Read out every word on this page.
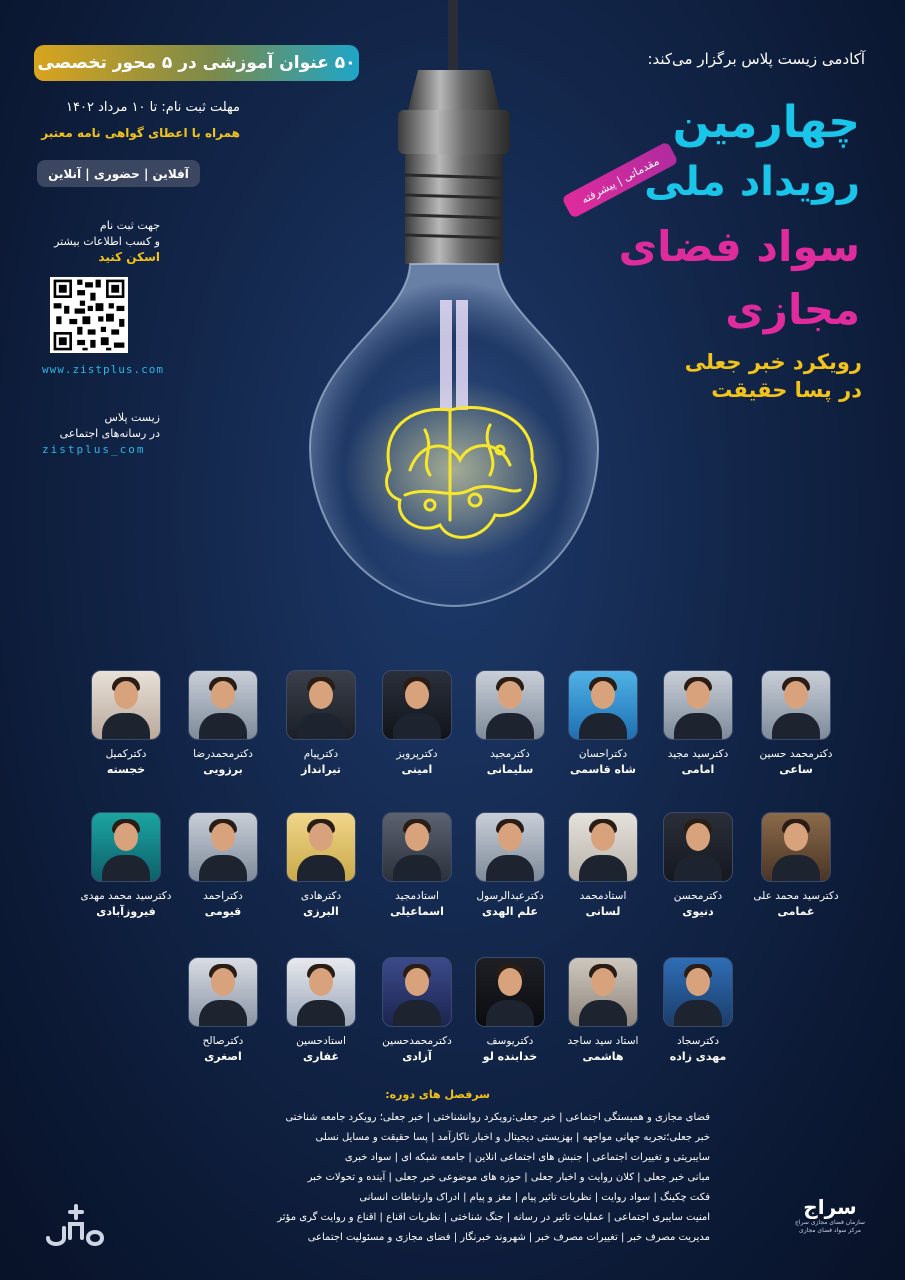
۵۰ عنوان آموزشی در ۵ محور تخصصی
مهلت ثبت نام: تا ۱۰ مرداد ۱۴۰۲
همراه با اعطای گواهی نامه معتبر
آفلاین | حضوری | آنلاین
جهت ثبت نام
و کسب اطلاعات بیشتر
اسکن کنید
www.zistplus.com
زیست پلاس
در رسانه‌های اجتماعی
zistplus_com
آکادمی زیست پلاس برگزار می‌کند:
چهارمین
رویداد ملی
مقدماتی | پیشرفته
سواد فضای
مجازی
رویکرد خبر جعلی
در پسا حقیقت
دکترمحمد حسین
ساعی
دکترسید مجید
امامی
دکتراحسان
شاه قاسمی
دکترمجید
سلیمانی
دکترپرویز
امینی
دکترپیام
تیرانداز
دکترمحمدرضا
برزویی
دکترکمیل
خجسته
دکترسید محمد علی
غمامی
دکترمحسن
دنیوی
استادمحمد
لسانی
دکترعبدالرسول
علم الهدی
استادمجید
اسماعیلی
دکترهادی
البرزی
دکتراحمد
قیومی
دکترسید محمد مهدی
فیروزآبادی
دکترسجاد
مهدی زاده
استاد سید ساجد
هاشمی
دکتریوسف
خدابنده لو
دکترمحمدحسین
آزادی
استادحسین
غفاری
دکترصالح
اصغری
سرفصل های دوره:
فضای مجازی و همبستگی اجتماعی | خبر جعلی:رویکرد روانشناختی | خبر جعلی؛ رویکرد جامعه شناختی
خبر جعلی؛تجربه جهانی مواجهه | بهزیستی دیجیتال و اخبار ناکارآمد | پسا حقیقت و مسایل نسلی
سایبریتی و تغییرات اجتماعی | جنبش های اجتماعی انلاین | جامعه شبکه ای | سواد خبری
مبانی خبر جعلی | کلان روایت و اخبار جعلی | حوزه های موضوعی خبر جعلی | آینده و تحولات خبر
فکت چکینگ | سواد روایت | نظریات تاثیر پیام | مغز و پیام | ادراک وارتباطات انسانی
امنیت سایبری اجتماعی | عملیات تاثیر در رسانه | جنگ شناختی | نظریات اقناع | اقناع و روایت گری مؤثر
مدیریت مصرف خبر | تغییرات مصرف خبر | شهروند خبرنگار | فضای مجازی و مسئولیت اجتماعی
سراج
سازمان فضای مجازی سراج
مرکز سواد فضای مجازی
